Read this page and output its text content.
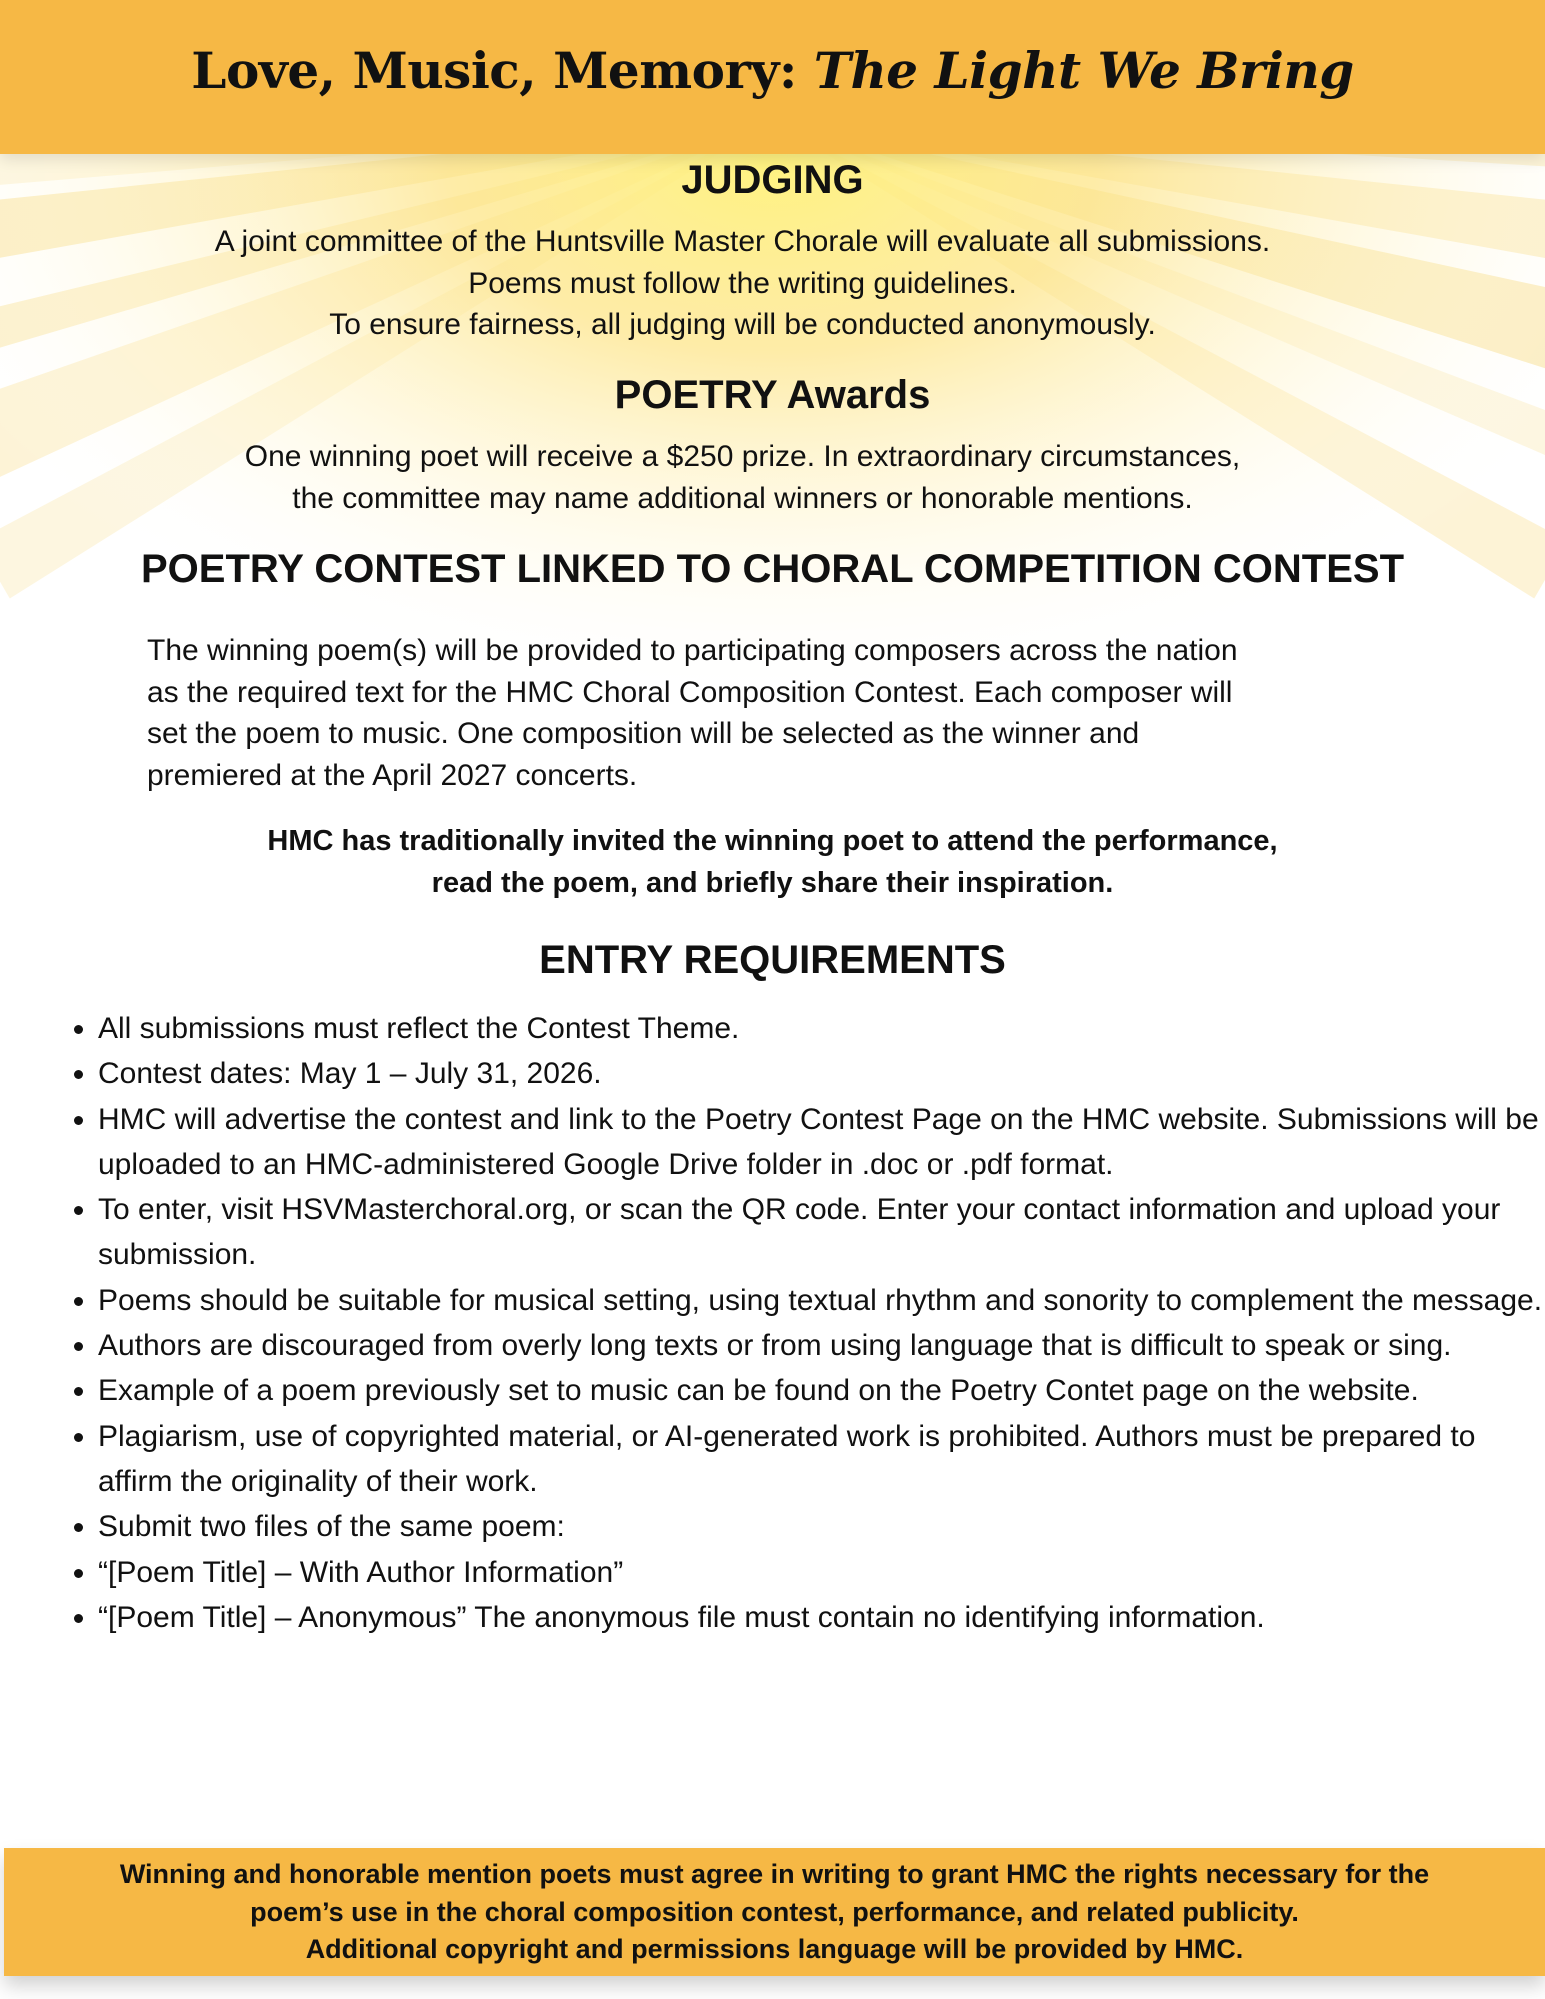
Love, Music, Memory: The Light We Bring
JUDGING
A joint committee of the Huntsville Master Chorale will evaluate all submissions.
Poems must follow the writing guidelines.
To ensure fairness, all judging will be conducted anonymously.
POETRY Awards
One winning poet will receive a $250 prize. In extraordinary circumstances,
the committee may name additional winners or honorable mentions.
POETRY CONTEST LINKED TO CHORAL COMPETITION CONTEST
The winning poem(s) will be provided to participating composers across the nation
as the required text for the HMC Choral Composition Contest. Each composer will
set the poem to music. One composition will be selected as the winner and
premiered at the April 2027 concerts.
HMC has traditionally invited the winning poet to attend the performance,
read the poem, and briefly share their inspiration.
ENTRY REQUIREMENTS
• All submissions must reflect the Contest Theme.
• Contest dates: May 1 – July 31, 2026.
• HMC will advertise the contest and link to the Poetry Contest Page on the HMC website. Submissions will be uploaded to an HMC-administered Google Drive folder in .doc or .pdf format.
• To enter, visit HSVMasterchoral.org, or scan the QR code. Enter your contact information and upload your submission.
• Poems should be suitable for musical setting, using textual rhythm and sonority to complement the message.
• Authors are discouraged from overly long texts or from using language that is difficult to speak or sing.
• Example of a poem previously set to music can be found on the Poetry Contet page on the website.
• Plagiarism, use of copyrighted material, or AI-generated work is prohibited. Authors must be prepared to affirm the originality of their work.
• Submit two files of the same poem:
• “[Poem Title] – With Author Information”
• “[Poem Title] – Anonymous” The anonymous file must contain no identifying information.
Winning and honorable mention poets must agree in writing to grant HMC the rights necessary for the
poem’s use in the choral composition contest, performance, and related publicity.
Additional copyright and permissions language will be provided by HMC.
